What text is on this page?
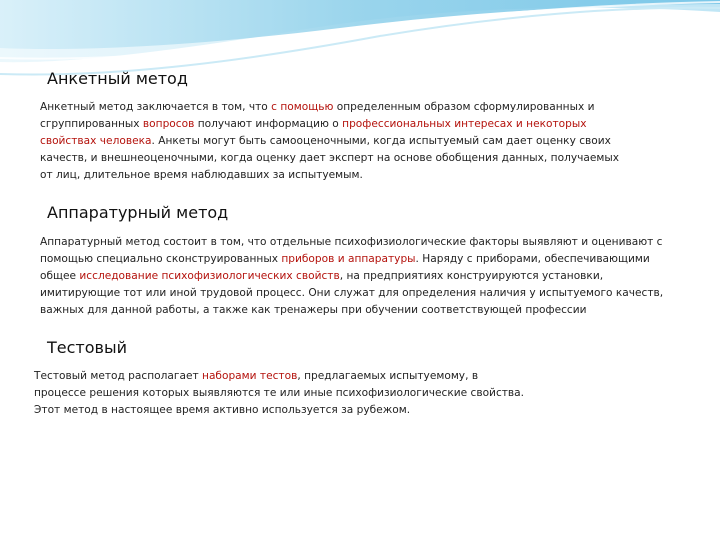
Анкетный метод
Анкетный метод заключается в том, что с помощью определенным образом сформулированных и
сгруппированных вопросов получают информацию о профессиональных интересах и некоторых
свойствах человека. Анкеты могут быть самооценочными, когда испытуемый сам дает оценку своих
качеств, и внешнеоценочными, когда оценку дает эксперт на основе обобщения данных, получаемых
от лиц, длительное время наблюдавших за испытуемым.
Аппаратурный метод
Аппаратурный метод состоит в том, что отдельные психофизиологические факторы выявляют и оценивают с
помощью специально сконструированных приборов и аппаратуры. Наряду с приборами, обеспечивающими
общее исследование психофизиологических свойств, на предприятиях конструируются установки,
имитирующие тот или иной трудовой процесс. Они служат для определения наличия у испытуемого качеств,
важных для данной работы, а также как тренажеры при обучении соответствующей профессии
Тестовый
Тестовый метод располагает наборами тестов, предлагаемых испытуемому, в
процессе решения которых выявляются те или иные психофизиологические свойства.
Этот метод в настоящее время активно используется за рубежом.
